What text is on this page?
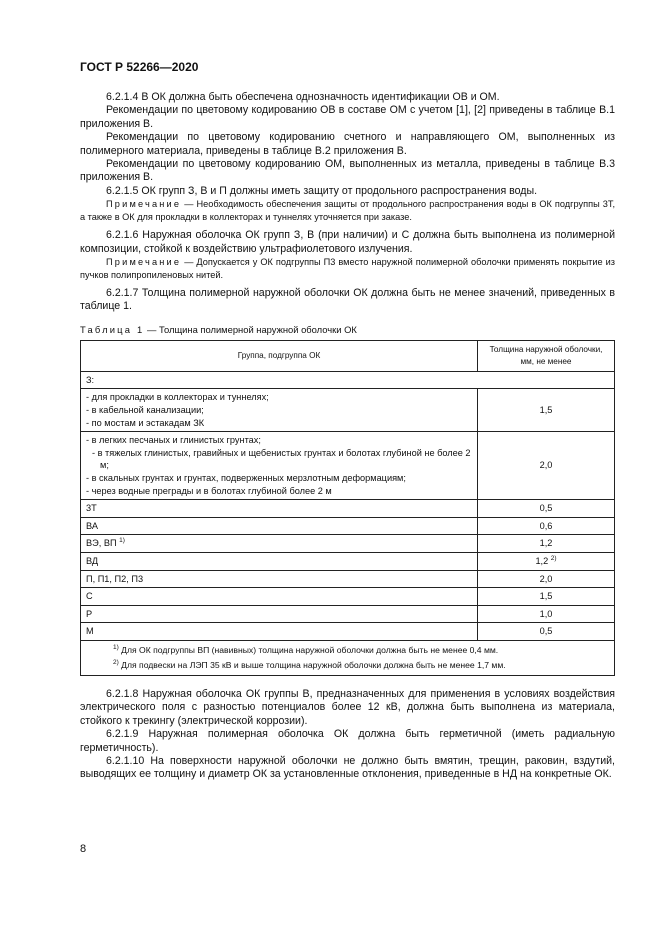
ГОСТ Р 52266—2020

6.2.1.4 В ОК должна быть обеспечена однозначность идентификации ОВ и ОМ.

Рекомендации по цветовому кодированию ОВ в составе ОМ с учетом [1], [2] приведены в таблице В.1 приложения В.

Рекомендации по цветовому кодированию счетного и направляющего ОМ, выполненных из полимерного материала, приведены в таблице В.2 приложения В.

Рекомендации по цветовому кодированию ОМ, выполненных из металла, приведены в таблице В.3 приложения В.

6.2.1.5 ОК групп З, В и П должны иметь защиту от продольного распространения воды.

Примечание — Необходимость обеспечения защиты от продольного распространения воды в ОК подгруппы 3Т, а также в ОК для прокладки в коллекторах и туннелях уточняется при заказе.

6.2.1.6 Наружная оболочка ОК групп З, В (при наличии) и С должна быть выполнена из полимерной композиции, стойкой к воздействию ультрафиолетового излучения.

Примечание — Допускается у ОК подгруппы П3 вместо наружной полимерной оболочки применять покрытие из пучков полипропиленовых нитей.

6.2.1.7 Толщина полимерной наружной оболочки ОК должна быть не менее значений, приведенных в таблице 1.

Таблица 1 — Толщина полимерной наружной оболочки ОК
Группа, подгруппа ОК	Толщина наружной оболочки, мм, не менее
З:	

- для прокладки в коллекторах и туннелях;
- в кабельной канализации;
- по мостам и эстакадам ЗК	1,5

- в легких песчаных и глинистых грунтах;
- в тяжелых глинистых, гравийных и щебенистых грунтах и болотах глубиной не более 2 м;
- в скальных грунтах и грунтах, подверженных мерзлотным деформациям;
- через водные преграды и в болотах глубиной более 2 м	2,0
3Т	0,5
ВА	0,6
ВЭ, ВП $^{1)}$	1,2
ВД	1,2 $^{2)}$
П, П1, П2, П3	2,0
С	1,5
Р	1,0
М	0,5

$^{1)}$ Для ОК подгруппы ВП (навивных) толщина наружной оболочки должна быть не менее 0,4 мм.
$^{2)}$ Для подвески на ЛЭП 35 кВ и выше толщина наружной оболочки должна быть не менее 1,7 мм.	

6.2.1.8 Наружная оболочка ОК группы В, предназначенных для применения в условиях воздействия электрического поля с разностью потенциалов более 12 кВ, должна быть выполнена из материала, стойкого к трекингу (электрической коррозии).

6.2.1.9 Наружная полимерная оболочка ОК должна быть герметичной (иметь радиальную герметичность).

6.2.1.10 На поверхности наружной оболочки не должно быть вмятин, трещин, раковин, вздутий, выводящих ее толщину и диаметр ОК за установленные отклонения, приведенные в НД на конкретные ОК.

8
